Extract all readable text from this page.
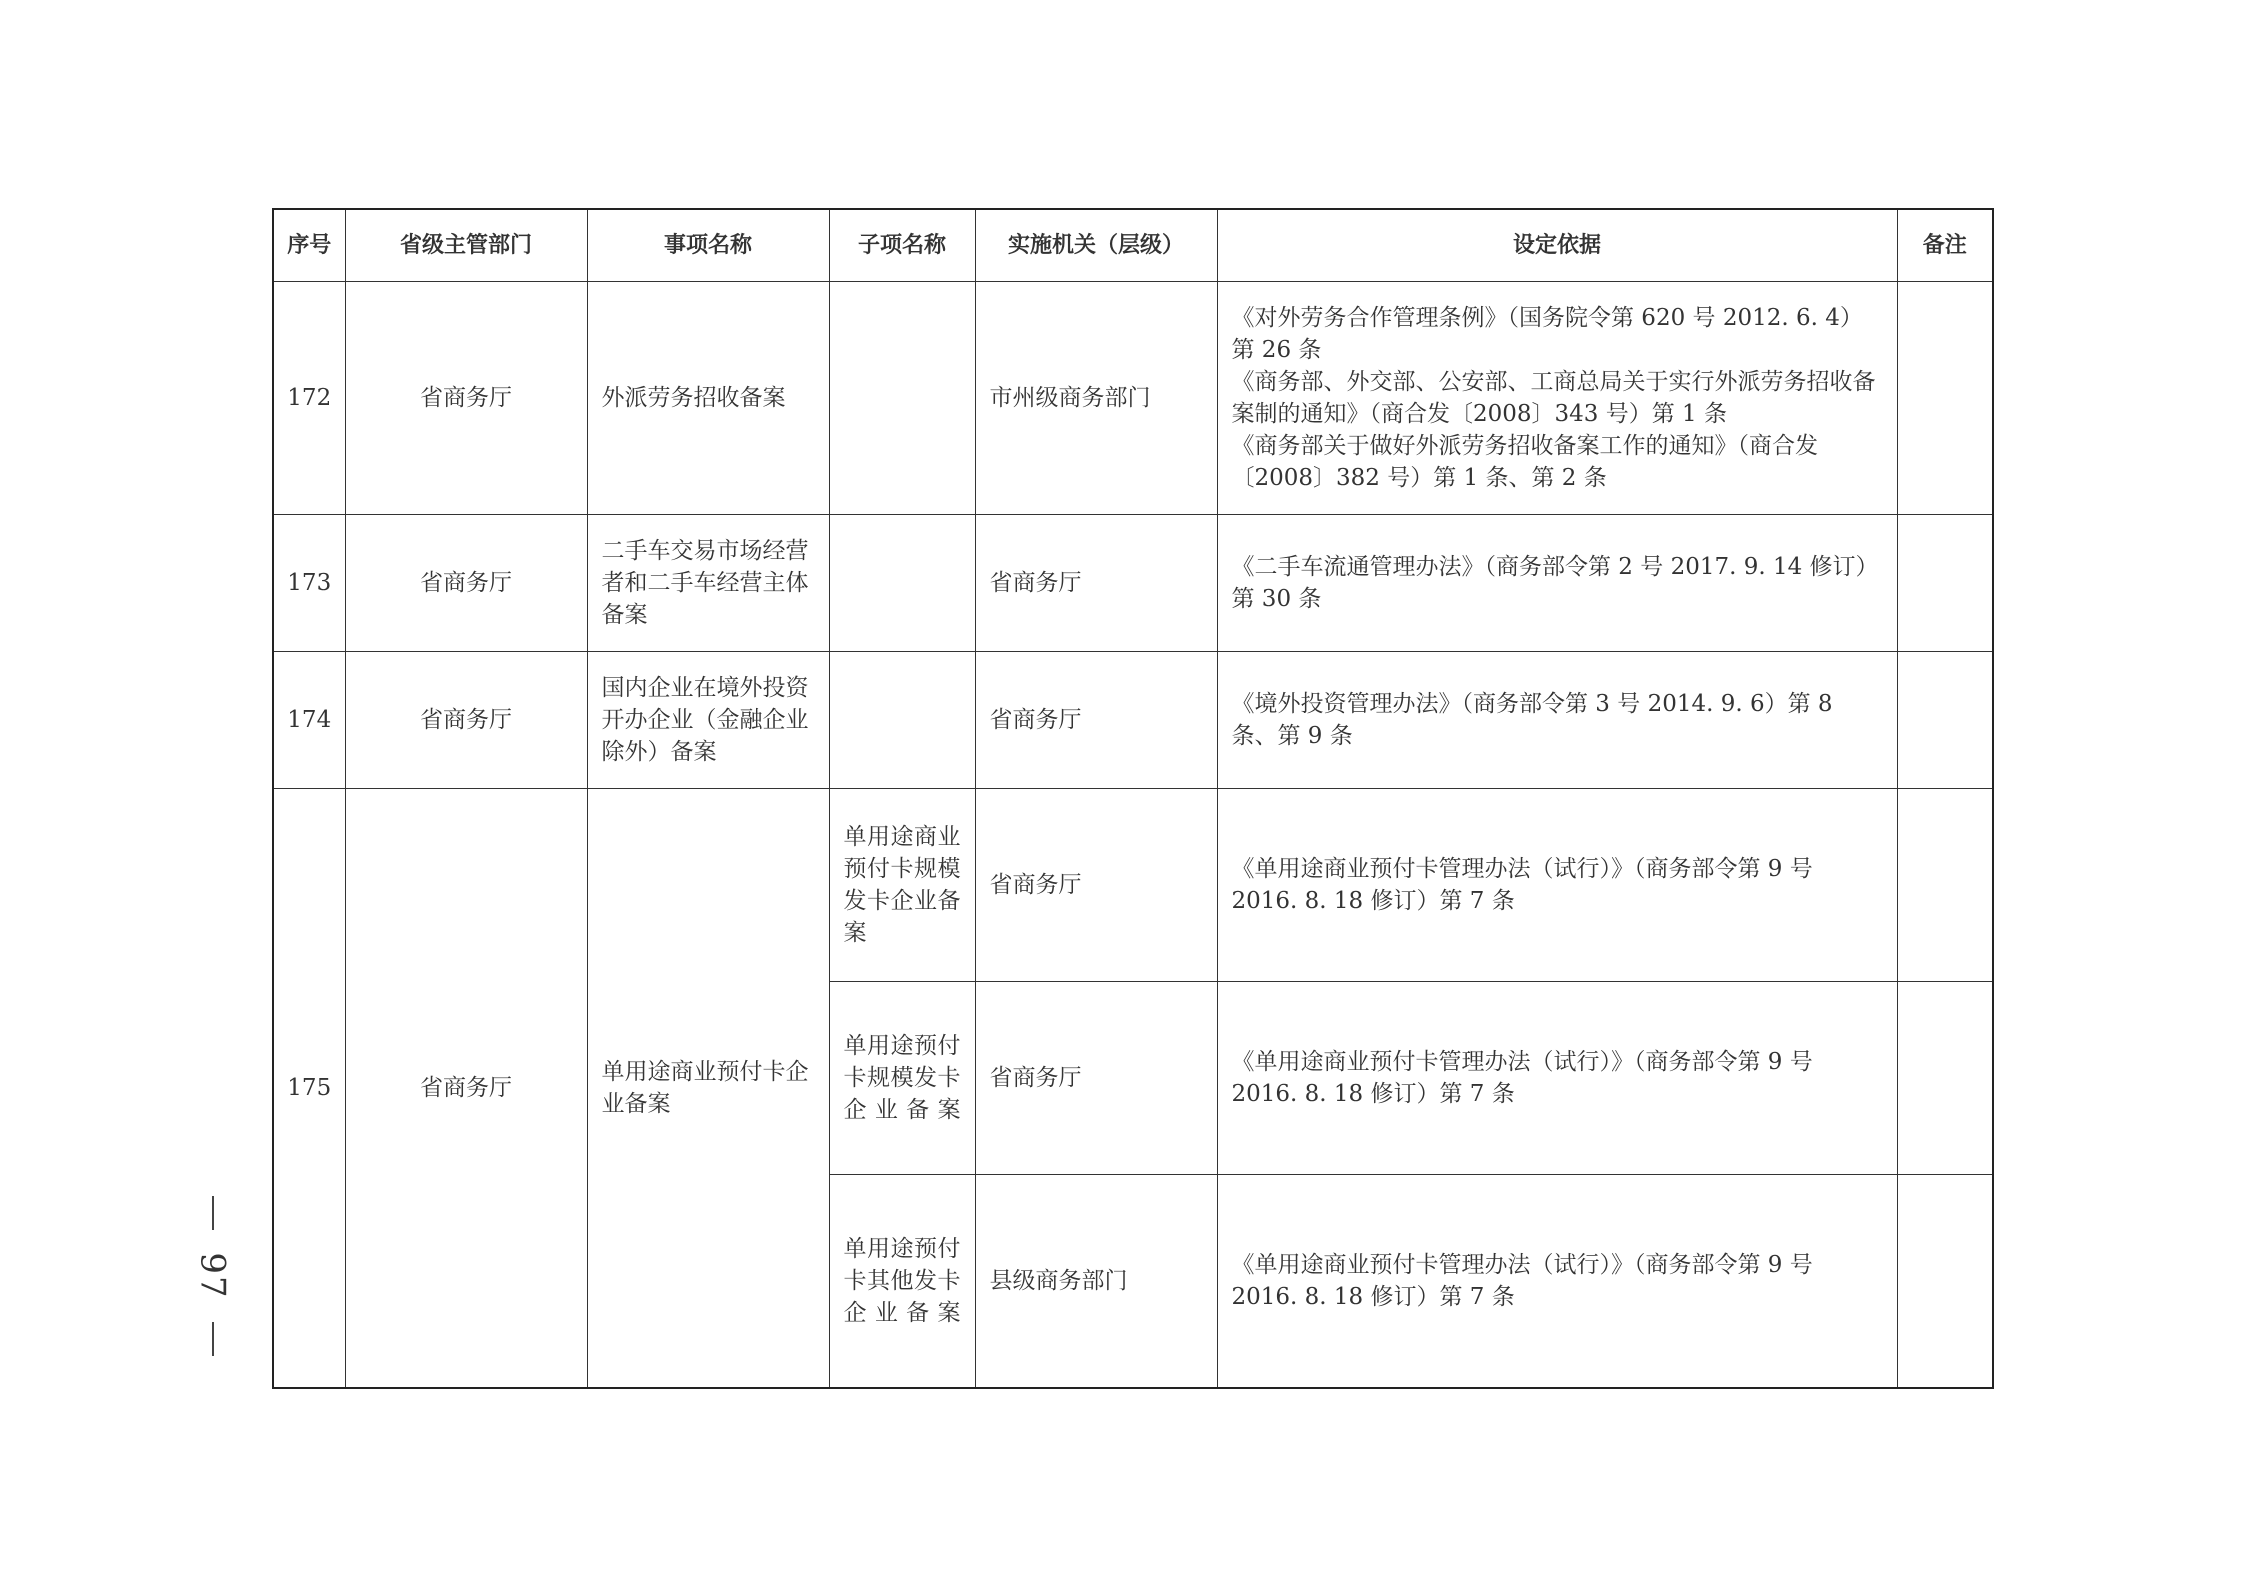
序号	省级主管部门	事项名称	子项名称	实施机关（层级）	设定依据	备注
172	省商务厅	外派劳务招收备案		市州级商务部门	《对外劳务合作管理条例》（国务院令第 620 号 2012. 6. 4）第 26 条
《商务部、外交部、公安部、工商总局关于实行外派劳务招收备案制的通知》（商合发〔2008〕343 号）第 1 条
《商务部关于做好外派劳务招收备案工作的通知》（商合发〔2008〕382 号）第 1 条、第 2 条	

173	省商务厅	二手车交易市场经营者和二手车经营主体备案		省商务厅	《二手车流通管理办法》（商务部令第 2 号 2017. 9. 14 修订）第 30 条	
174	省商务厅	国内企业在境外投资开办企业（金融企业除外）备案		省商务厅	《境外投资管理办法》（商务部令第 3 号 2014. 9. 6）第 8 条、第 9 条	
175	省商务厅	单用途商业预付卡企业备案	单用途商业预付卡规模发卡企业备案	省商务厅	《单用途商业预付卡管理办法（试行）》（商务部令第 9 号 2016. 8. 18 修订）第 7 条	
			单用途预付卡规模发卡企业备案	省商务厅	《单用途商业预付卡管理办法（试行）》（商务部令第 9 号 2016. 8. 18 修订）第 7 条	
			单用途预付卡其他发卡企业备案	县级商务部门	《单用途商业预付卡管理办法（试行）》（商务部令第 9 号 2016. 8. 18 修订）第 7 条	
97
